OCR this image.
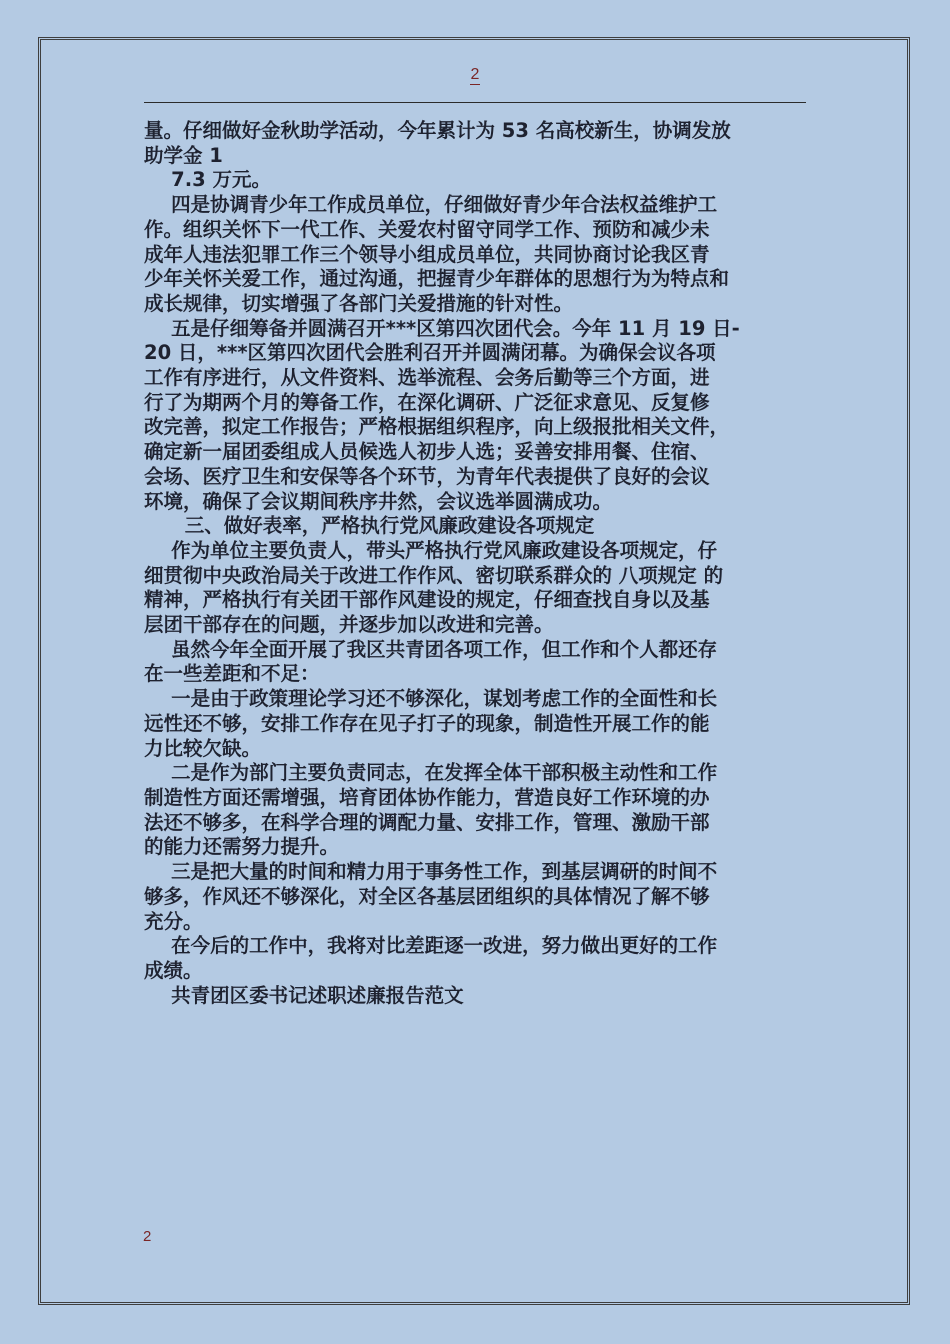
2

量。仔细做好金秋助学活动，今年累计为 53 名高校新生，协调发放

助学金 1

7.3 万元。

四是协调青少年工作成员单位，仔细做好青少年合法权益维护工

作。组织关怀下一代工作、关爱农村留守同学工作、预防和减少未

成年人违法犯罪工作三个领导小组成员单位，共同协商讨论我区青

少年关怀关爱工作，通过沟通，把握青少年群体的思想行为为特点和

成长规律，切实增强了各部门关爱措施的针对性。

五是仔细筹备并圆满召开***区第四次团代会。今年 11 月 19 日-

20 日，***区第四次团代会胜利召开并圆满闭幕。为确保会议各项

工作有序进行，从文件资料、选举流程、会务后勤等三个方面，进

行了为期两个月的筹备工作，在深化调研、广泛征求意见、反复修

改完善，拟定工作报告；严格根据组织程序，向上级报批相关文件，

确定新一届团委组成人员候选人初步人选；妥善安排用餐、住宿、

会场、医疗卫生和安保等各个环节，为青年代表提供了良好的会议

环境，确保了会议期间秩序井然，会议选举圆满成功。

三、做好表率，严格执行党风廉政建设各项规定

作为单位主要负责人，带头严格执行党风廉政建设各项规定，仔

细贯彻中央政治局关于改进工作作风、密切联系群众的 八项规定 的

精神，严格执行有关团干部作风建设的规定，仔细查找自身以及基

层团干部存在的问题，并逐步加以改进和完善。

虽然今年全面开展了我区共青团各项工作，但工作和个人都还存

在一些差距和不足：

一是由于政策理论学习还不够深化，谋划考虑工作的全面性和长

远性还不够，安排工作存在见子打子的现象，制造性开展工作的能

力比较欠缺。

二是作为部门主要负责同志，在发挥全体干部积极主动性和工作

制造性方面还需增强，培育团体协作能力，营造良好工作环境的办

法还不够多，在科学合理的调配力量、安排工作，管理、激励干部

的能力还需努力提升。

三是把大量的时间和精力用于事务性工作，到基层调研的时间不

够多，作风还不够深化，对全区各基层团组织的具体情况了解不够

充分。

在今后的工作中，我将对比差距逐一改进，努力做出更好的工作

成绩。

共青团区委书记述职述廉报告范文

2
